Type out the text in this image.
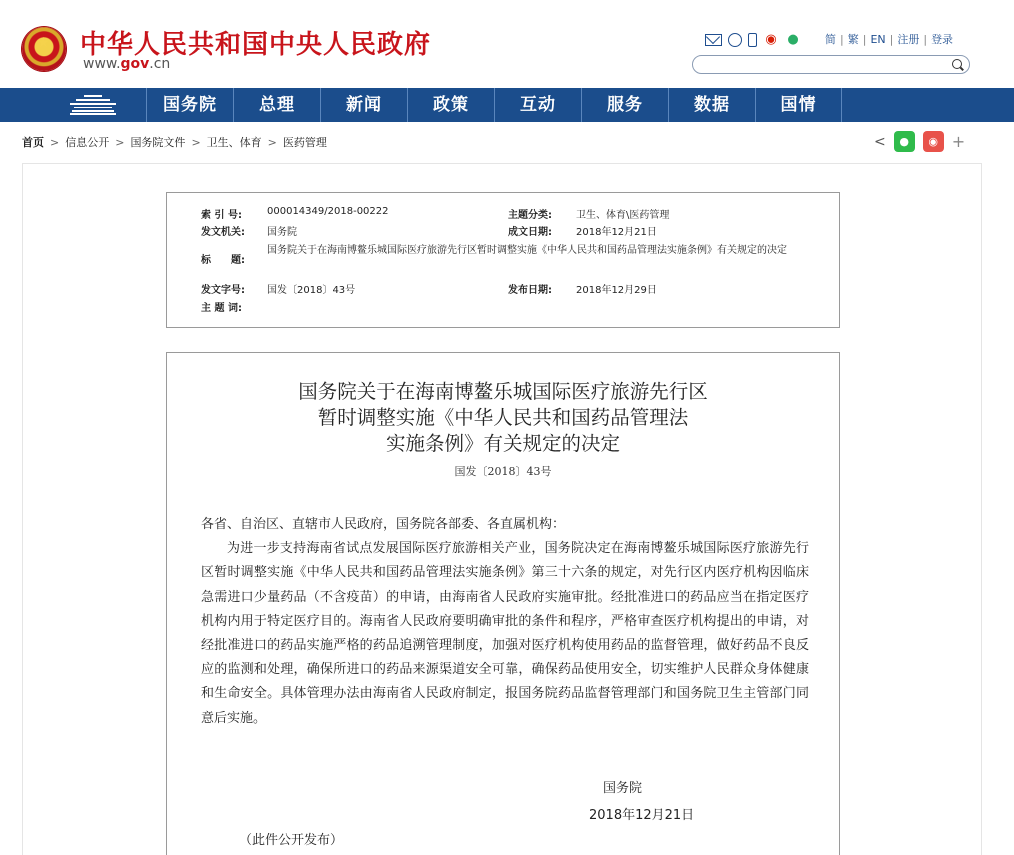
★ 中华人民共和国中央人民政府
www.gov.cn
◉ ● 简 | 繁 | EN | 注册 | 登录
国务院	总理	新闻	政策	互动	服务	数据	国情
首页 > 信息公开 > 国务院文件 > 卫生、体育 > 医药管理	<	●	◉ +
索 引 号:	000014349/2018-00222	主题分类: 卫生、体育\医药管理
发文机关: 国务院	成文日期: 2018年12月21日
标　　题:
国务院关于在海南博鳌乐城国际医疗旅游先行区暂时调整实施《中华人民共和国药品管理法实施条例》有关规定的决定
发文字号: 国发〔2018〕43号	发布日期: 2018年12月29日
主 题 词:
国务院关于在海南博鳌乐城国际医疗旅游先行区
暂时调整实施《中华人民共和国药品管理法
实施条例》有关规定的决定
国发〔2018〕43号

各省、自治区、直辖市人民政府，国务院各部委、各直属机构：

为进一步支持海南省试点发展国际医疗旅游相关产业，国务院决定在海南博鳌乐城国际医疗旅游先行区暂时调整实施《中华人民共和国药品管理法实施条例》第三十六条的规定，对先行区内医疗机构因临床急需进口少量药品（不含疫苗）的申请，由海南省人民政府实施审批。经批准进口的药品应当在指定医疗机构内用于特定医疗目的。海南省人民政府要明确审批的条件和程序，严格审查医疗机构提出的申请，对经批准进口的药品实施严格的药品追溯管理制度，加强对医疗机构使用药品的监督管理，做好药品不良反应的监测和处理，确保所进口的药品来源渠道安全可靠，确保药品使用安全，切实维护人民群众身体健康和生命安全。具体管理办法由海南省人民政府制定，报国务院药品监督管理部门和国务院卫生主管部门同意后实施。

国务院
2018年12月21日
（此件公开发布）
